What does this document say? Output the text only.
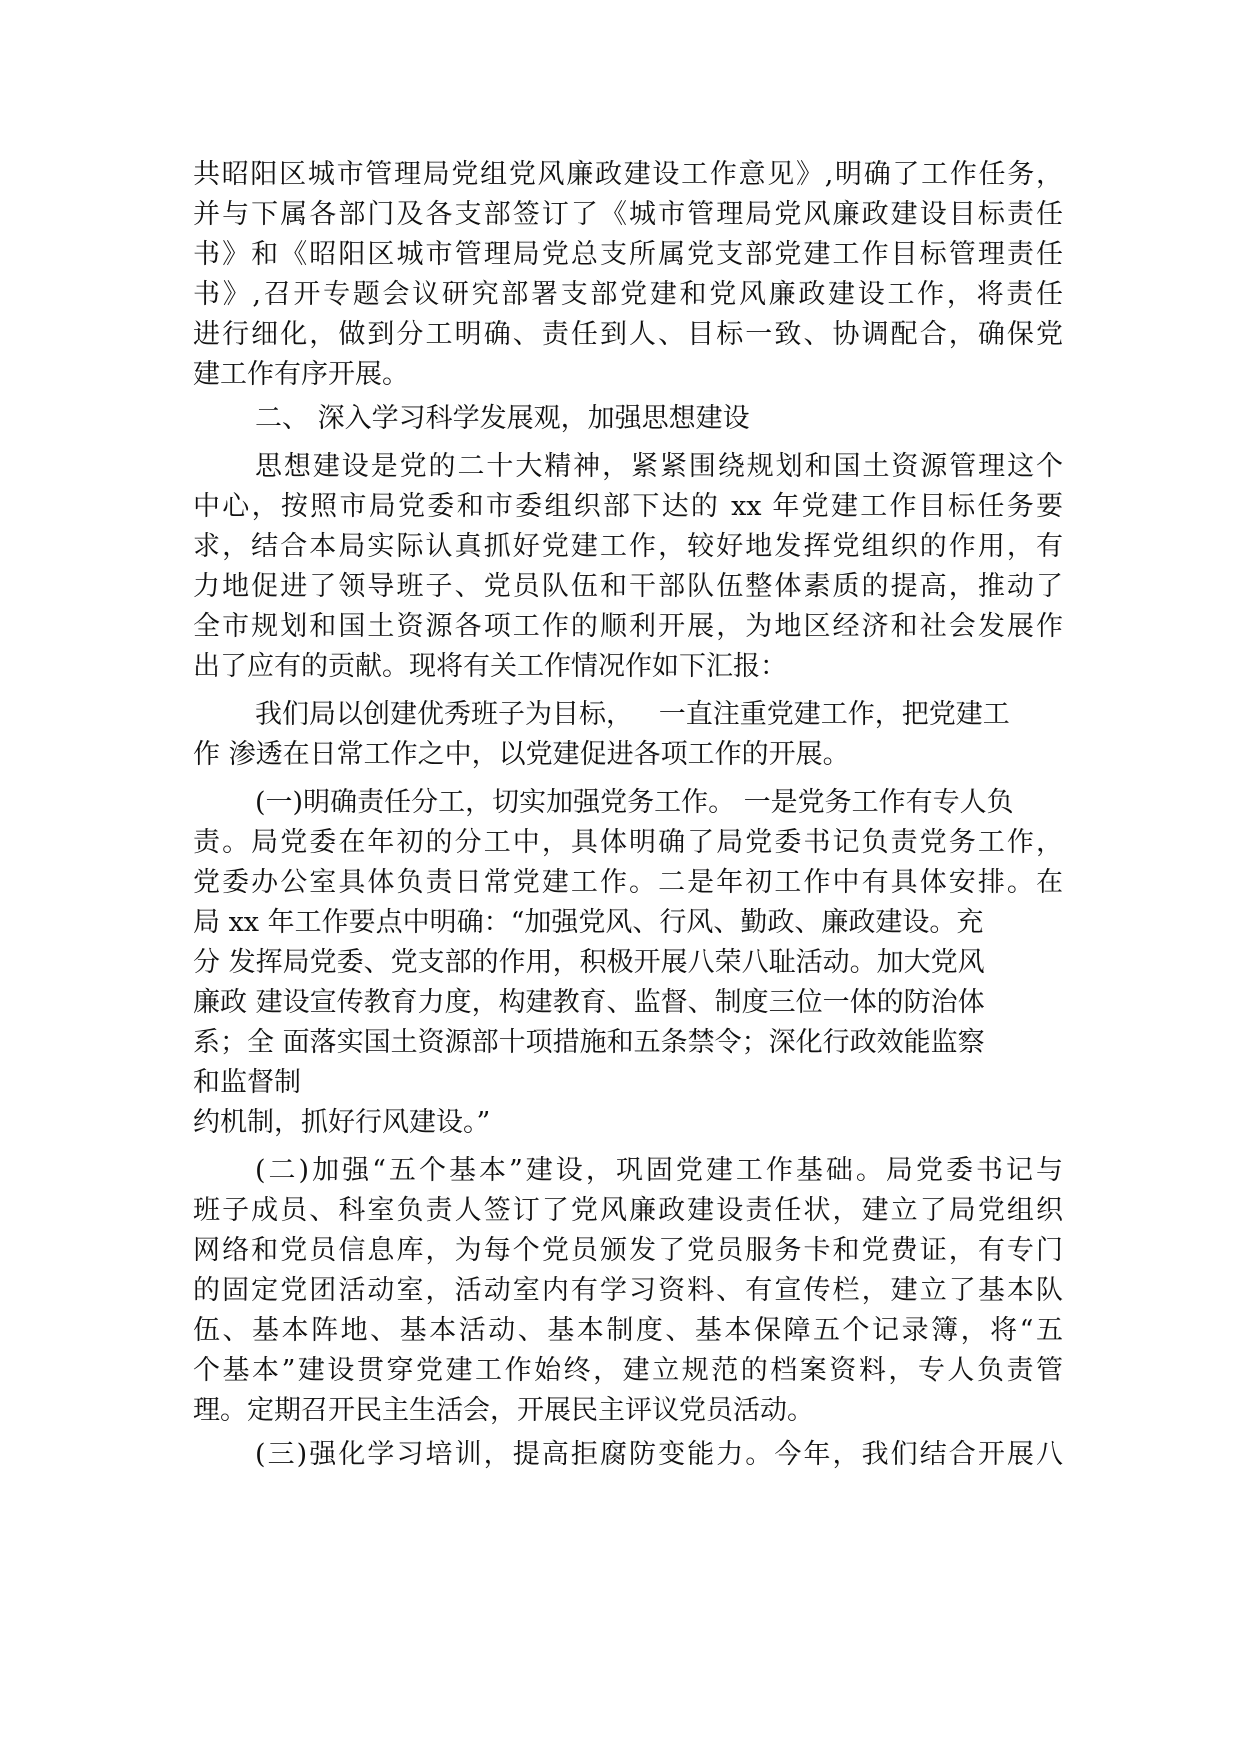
共昭阳区城市管理局党组党风廉政建设工作意见》,明确了工作任务，
并与下属各部门及各支部签订了《城市管理局党风廉政建设目标责任
书》和《昭阳区城市管理局党总支所属党支部党建工作目标管理责任
书》,召开专题会议研究部署支部党建和党风廉政建设工作，将责任
进行细化，做到分工明确、责任到人、目标一致、协调配合，确保党
建工作有序开展。
二、 深入学习科学发展观，加强思想建设
思想建设是党的二十大精神，紧紧围绕规划和国土资源管理这个
中心，按照市局党委和市委组织部下达的 xx 年党建工作目标任务要
求，结合本局实际认真抓好党建工作，较好地发挥党组织的作用，有
力地促进了领导班子、党员队伍和干部队伍整体素质的提高，推动了
全市规划和国土资源各项工作的顺利开展，为地区经济和社会发展作
出了应有的贡献。现将有关工作情况作如下汇报：
我们局以创建优秀班子为目标，   一直注重党建工作，把党建工
作 渗透在日常工作之中，以党建促进各项工作的开展。
(一)明确责任分工，切实加强党务工作。 一是党务工作有专人负
责。局党委在年初的分工中，具体明确了局党委书记负责党务工作，
党委办公室具体负责日常党建工作。二是年初工作中有具体安排。在
局 xx 年工作要点中明确：“加强党风、行风、勤政、廉政建设。充
分 发挥局党委、党支部的作用，积极开展八荣八耻活动。加大党风
廉政 建设宣传教育力度，构建教育、监督、制度三位一体的防治体
系；全 面落实国土资源部十项措施和五条禁令；深化行政效能监察
和监督制
约机制，抓好行风建设。”
(二)加强“五个基本”建设，巩固党建工作基础。局党委书记与
班子成员、科室负责人签订了党风廉政建设责任状，建立了局党组织
网络和党员信息库，为每个党员颁发了党员服务卡和党费证，有专门
的固定党团活动室，活动室内有学习资料、有宣传栏，建立了基本队
伍、基本阵地、基本活动、基本制度、基本保障五个记录簿，将“五
个基本”建设贯穿党建工作始终，建立规范的档案资料，专人负责管
理。定期召开民主生活会，开展民主评议党员活动。
(三)强化学习培训，提高拒腐防变能力。今年，我们结合开展八
